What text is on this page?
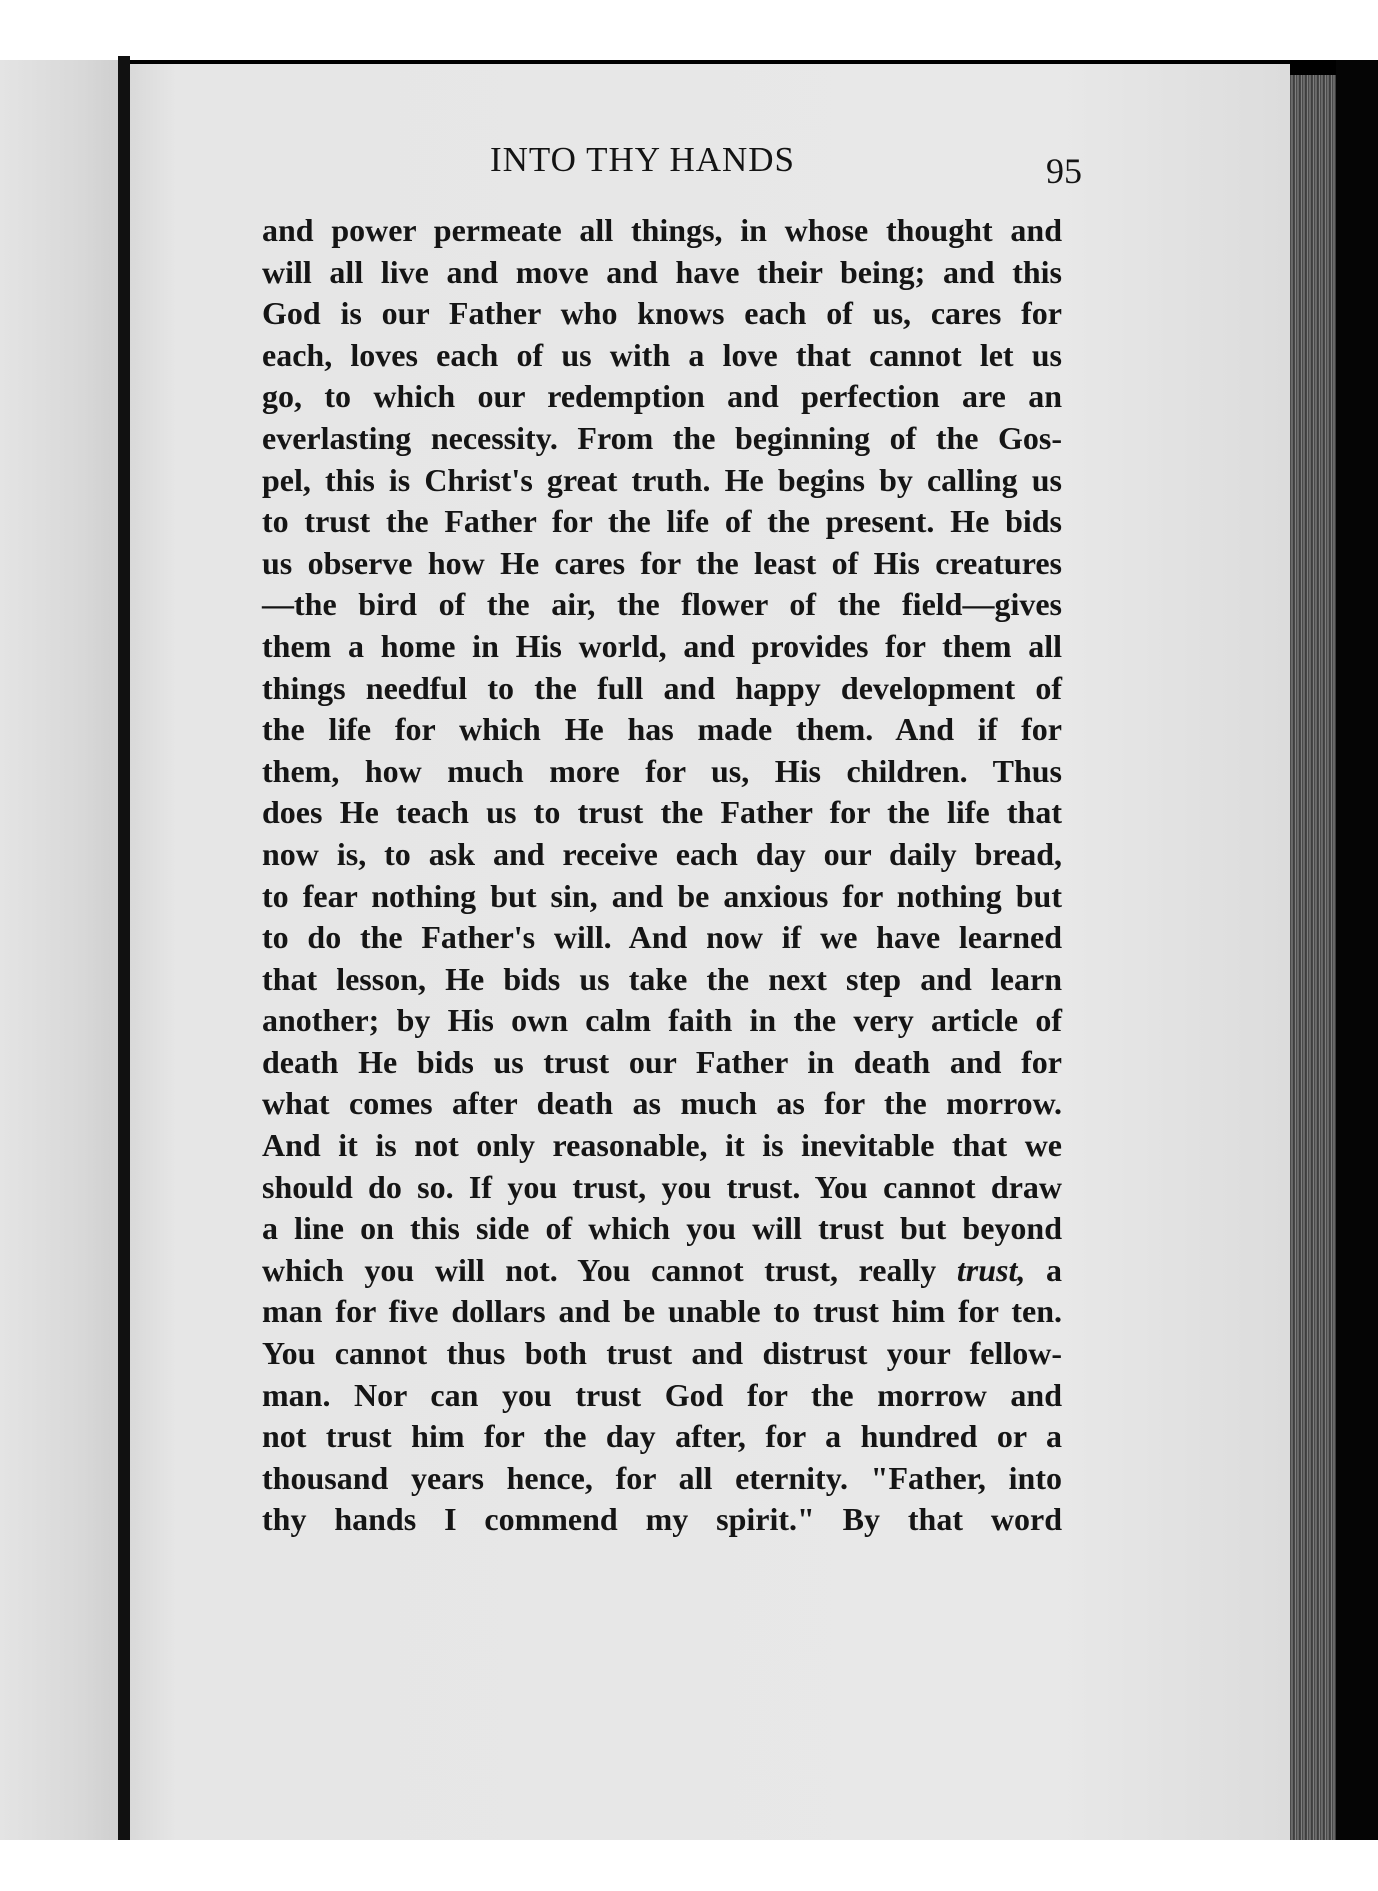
INTO THY HANDS	95
and power permeate all things, in whose thought and
will all live and move and have their being; and this
God is our Father who knows each of us, cares for
each, loves each of us with a love that cannot let us
go, to which our redemption and perfection are an
everlasting necessity. From the beginning of the Gos-
pel, this is Christ's great truth. He begins by calling us
to trust the Father for the life of the present. He bids
us observe how He cares for the least of His creatures
—the bird of the air, the flower of the field—gives
them a home in His world, and provides for them all
things needful to the full and happy development of
the life for which He has made them. And if for
them, how much more for us, His children. Thus
does He teach us to trust the Father for the life that
now is, to ask and receive each day our daily bread,
to fear nothing but sin, and be anxious for nothing but
to do the Father's will. And now if we have learned
that lesson, He bids us take the next step and learn
another; by His own calm faith in the very article of
death He bids us trust our Father in death and for
what comes after death as much as for the morrow.
And it is not only reasonable, it is inevitable that we
should do so. If you trust, you trust. You cannot draw
a line on this side of which you will trust but beyond
which you will not. You cannot trust, really trust, a
man for five dollars and be unable to trust him for ten.
You cannot thus both trust and distrust your fellow-
man. Nor can you trust God for the morrow and
not trust him for the day after, for a hundred or a
thousand years hence, for all eternity. "Father, into
thy hands I commend my spirit." By that word
